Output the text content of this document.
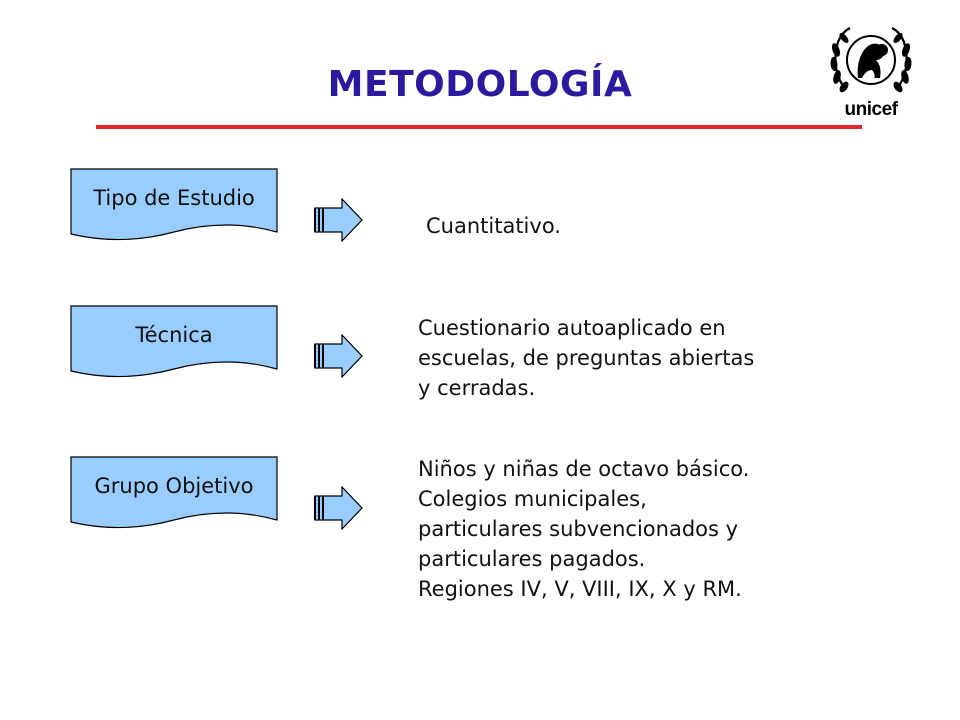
METODOLOGÍA
unicef
Tipo de Estudio
Cuantitativo.
Técnica	Cuestionario autoaplicado en
escuelas, de preguntas abiertas
y cerradas.
Grupo Objetivo
Niños y niñas de octavo básico.
Colegios municipales,
particulares subvencionados y
particulares pagados.
Regiones IV, V, VIII, IX, X y RM.
